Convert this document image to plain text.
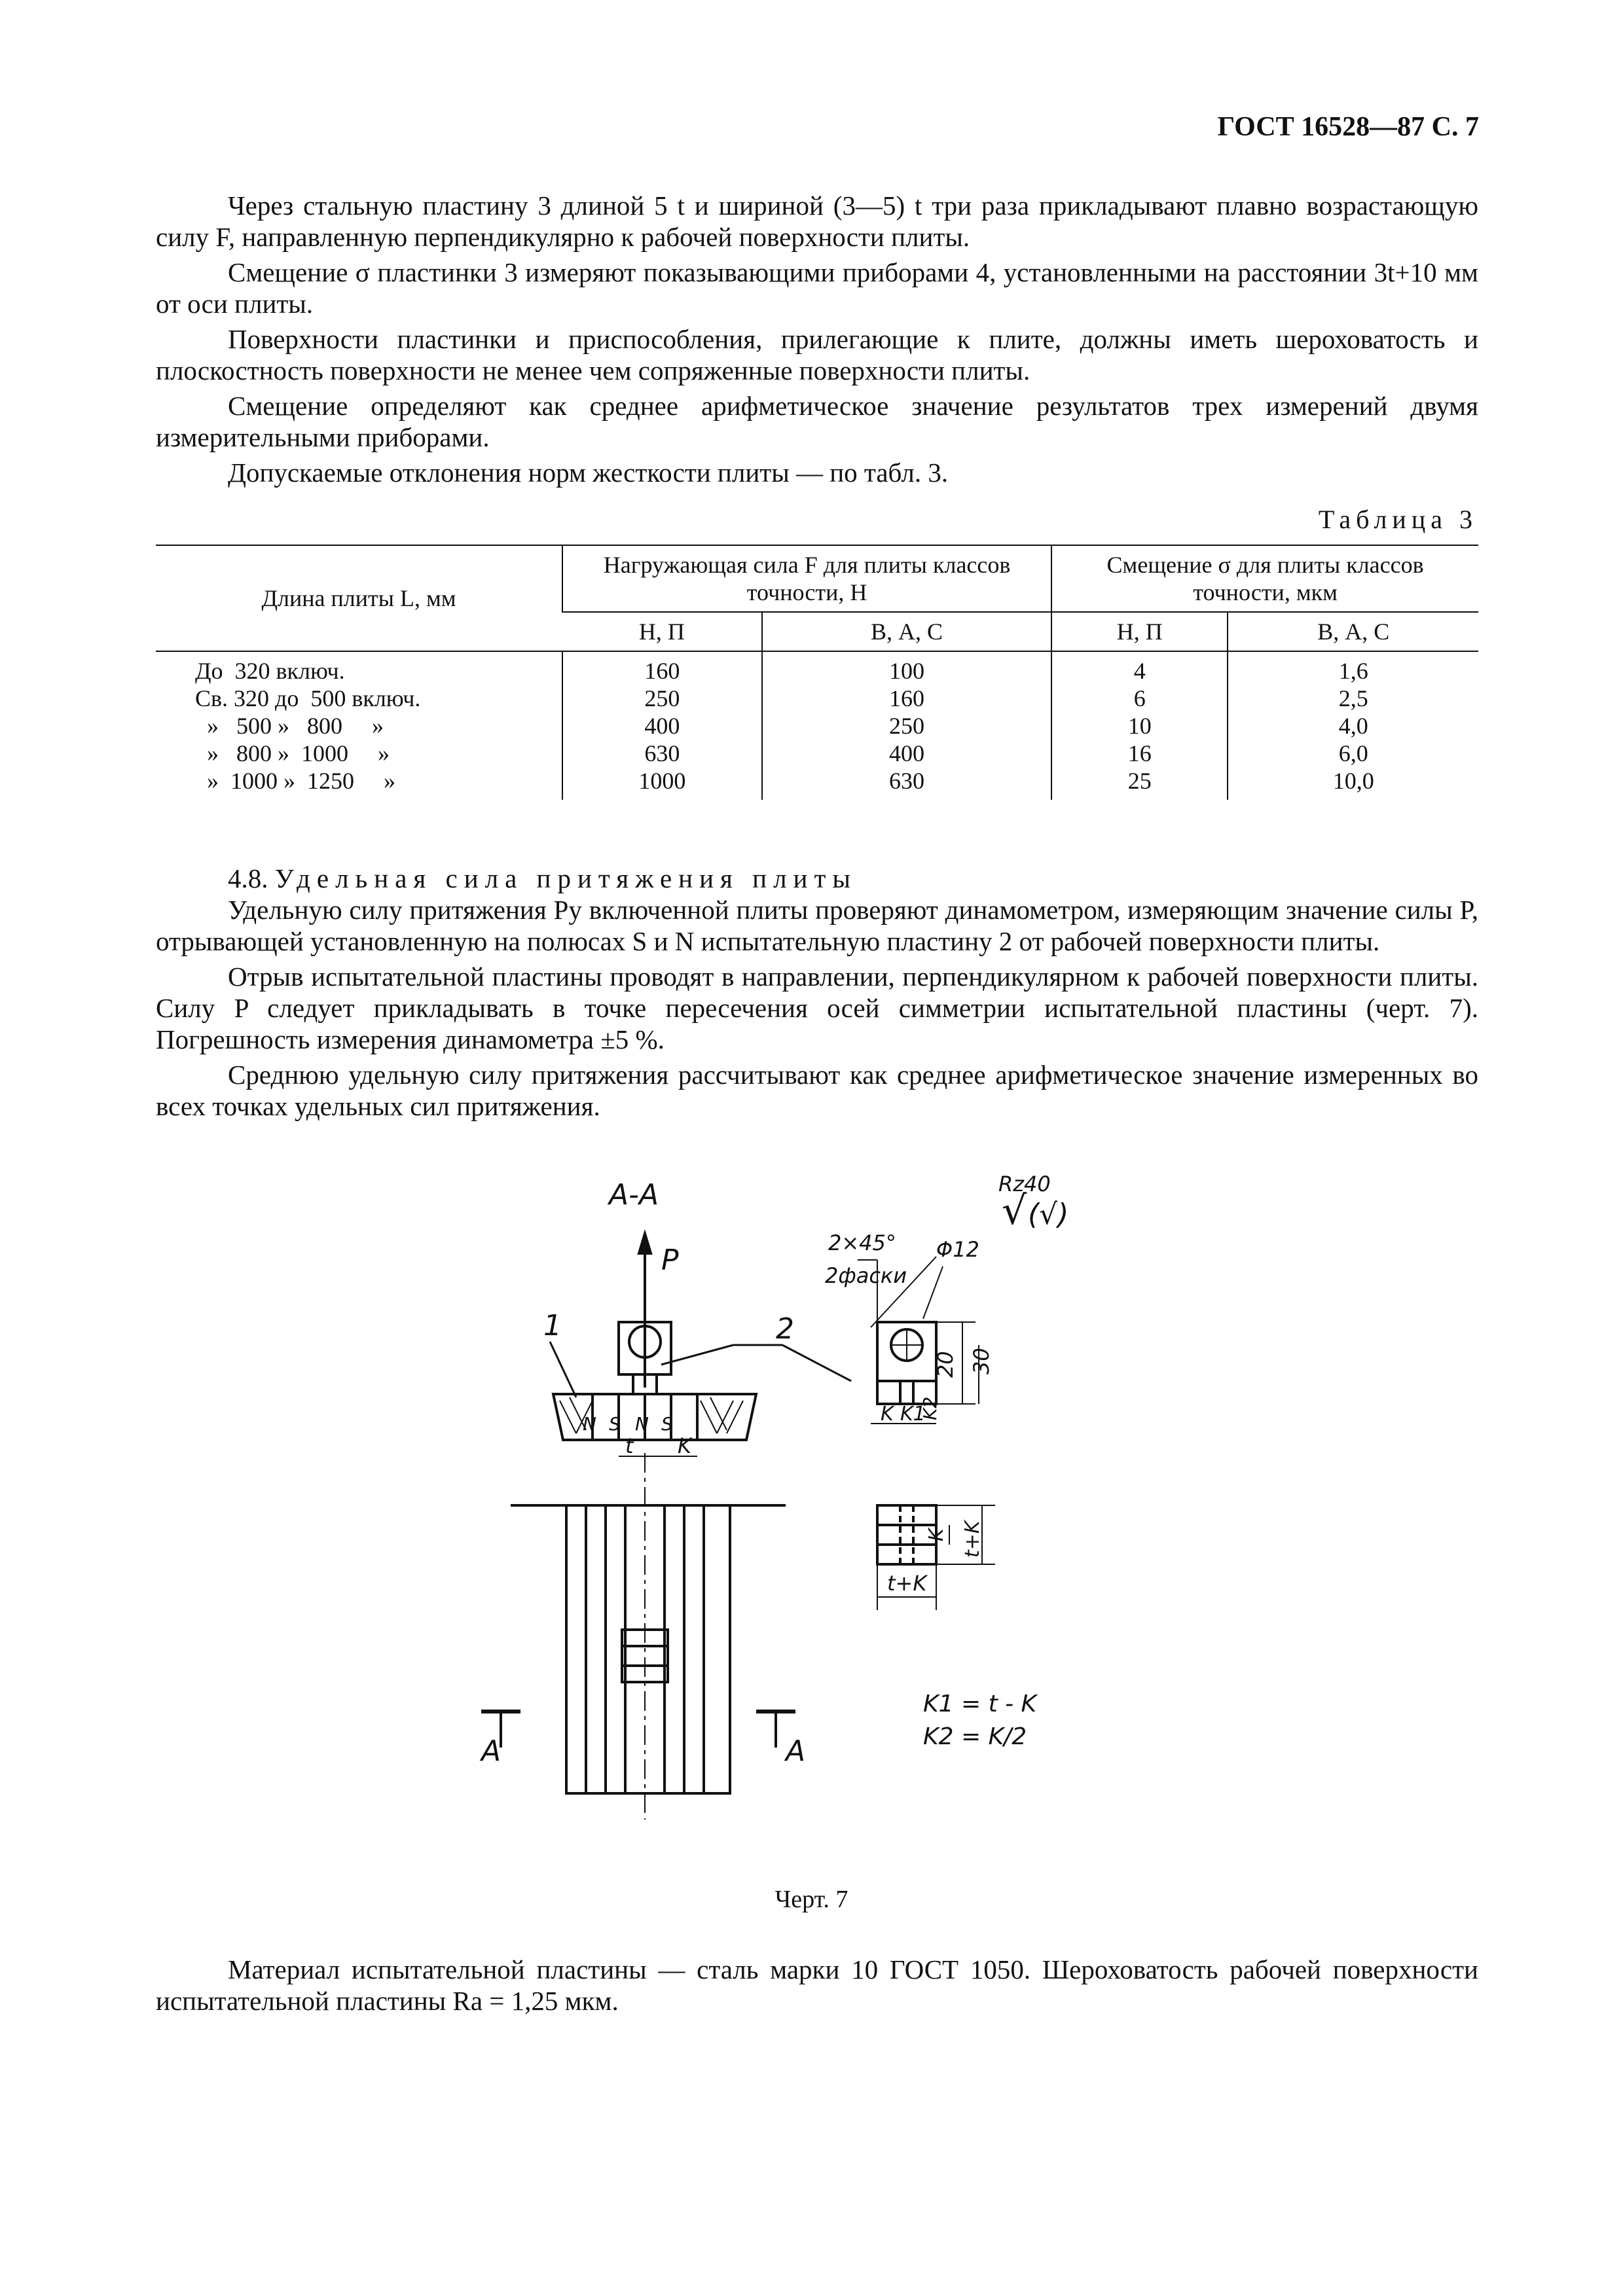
ГОСТ 16528—87 С. 7

Через стальную пластину 3 длиной 5 t и шириной (3—5) t три раза прикладывают плавно возрастающую силу F, направленную перпендикулярно к рабочей поверхности плиты.

Смещение σ пластинки 3 измеряют показывающими приборами 4, установленными на расстоянии 3t+10 мм от оси плиты.

Поверхности пластинки и приспособления, прилегающие к плите, должны иметь шероховатость и плоскостность поверхности не менее чем сопряженные поверхности плиты.

Смещение определяют как среднее арифметическое значение результатов трех измерений двумя измерительными приборами.

Допускаемые отклонения норм жесткости плиты — по табл. 3.

Таблица 3
Длина плиты L, мм	Нагружающая сила F для плиты классов точности, Н		Смещение σ для плиты классов точности, мкм	
	Н, П	В, А, С	Н, П	В, А, С
До  320 включ.	160	100	4	1,6
Св. 320 до  500 включ.	250	160	6	2,5
»   500 »   800     »	400	250	10	4,0
»   800 »  1000     »	630	400	16	6,0
»  1000 »  1250     »	1000	630	25	10,0

4.8. Удельная сила притяжения плиты

Удельную силу притяжения Pу включенной плиты проверяют динамометром, измеряющим значение силы P, отрывающей установленную на полюсах S и N испытательную пластину 2 от рабочей поверхности плиты.

Отрыв испытательной пластины проводят в направлении, перпендикулярном к рабочей поверхности плиты. Силу P следует прикладывать в точке пересечения осей симметрии испытательной пластины (черт. 7). Погрешность измерения динамометра ±5 %.

Среднюю удельную силу притяжения рассчитывают как среднее арифметическое значение измеренных во всех точках удельных сил притяжения.

A-A
P
1	2
Rz40
√ (√)
2×45°
2фаски
Φ12
20 30
K K1
K2
t K
N S N S
K t+K
t+K
A	A
K1 = t - K
K2 = K/2
Черт. 7

Материал испытательной пластины — сталь марки 10 ГОСТ 1050. Шероховатость рабочей поверхности испытательной пластины Ra = 1,25 мкм.
